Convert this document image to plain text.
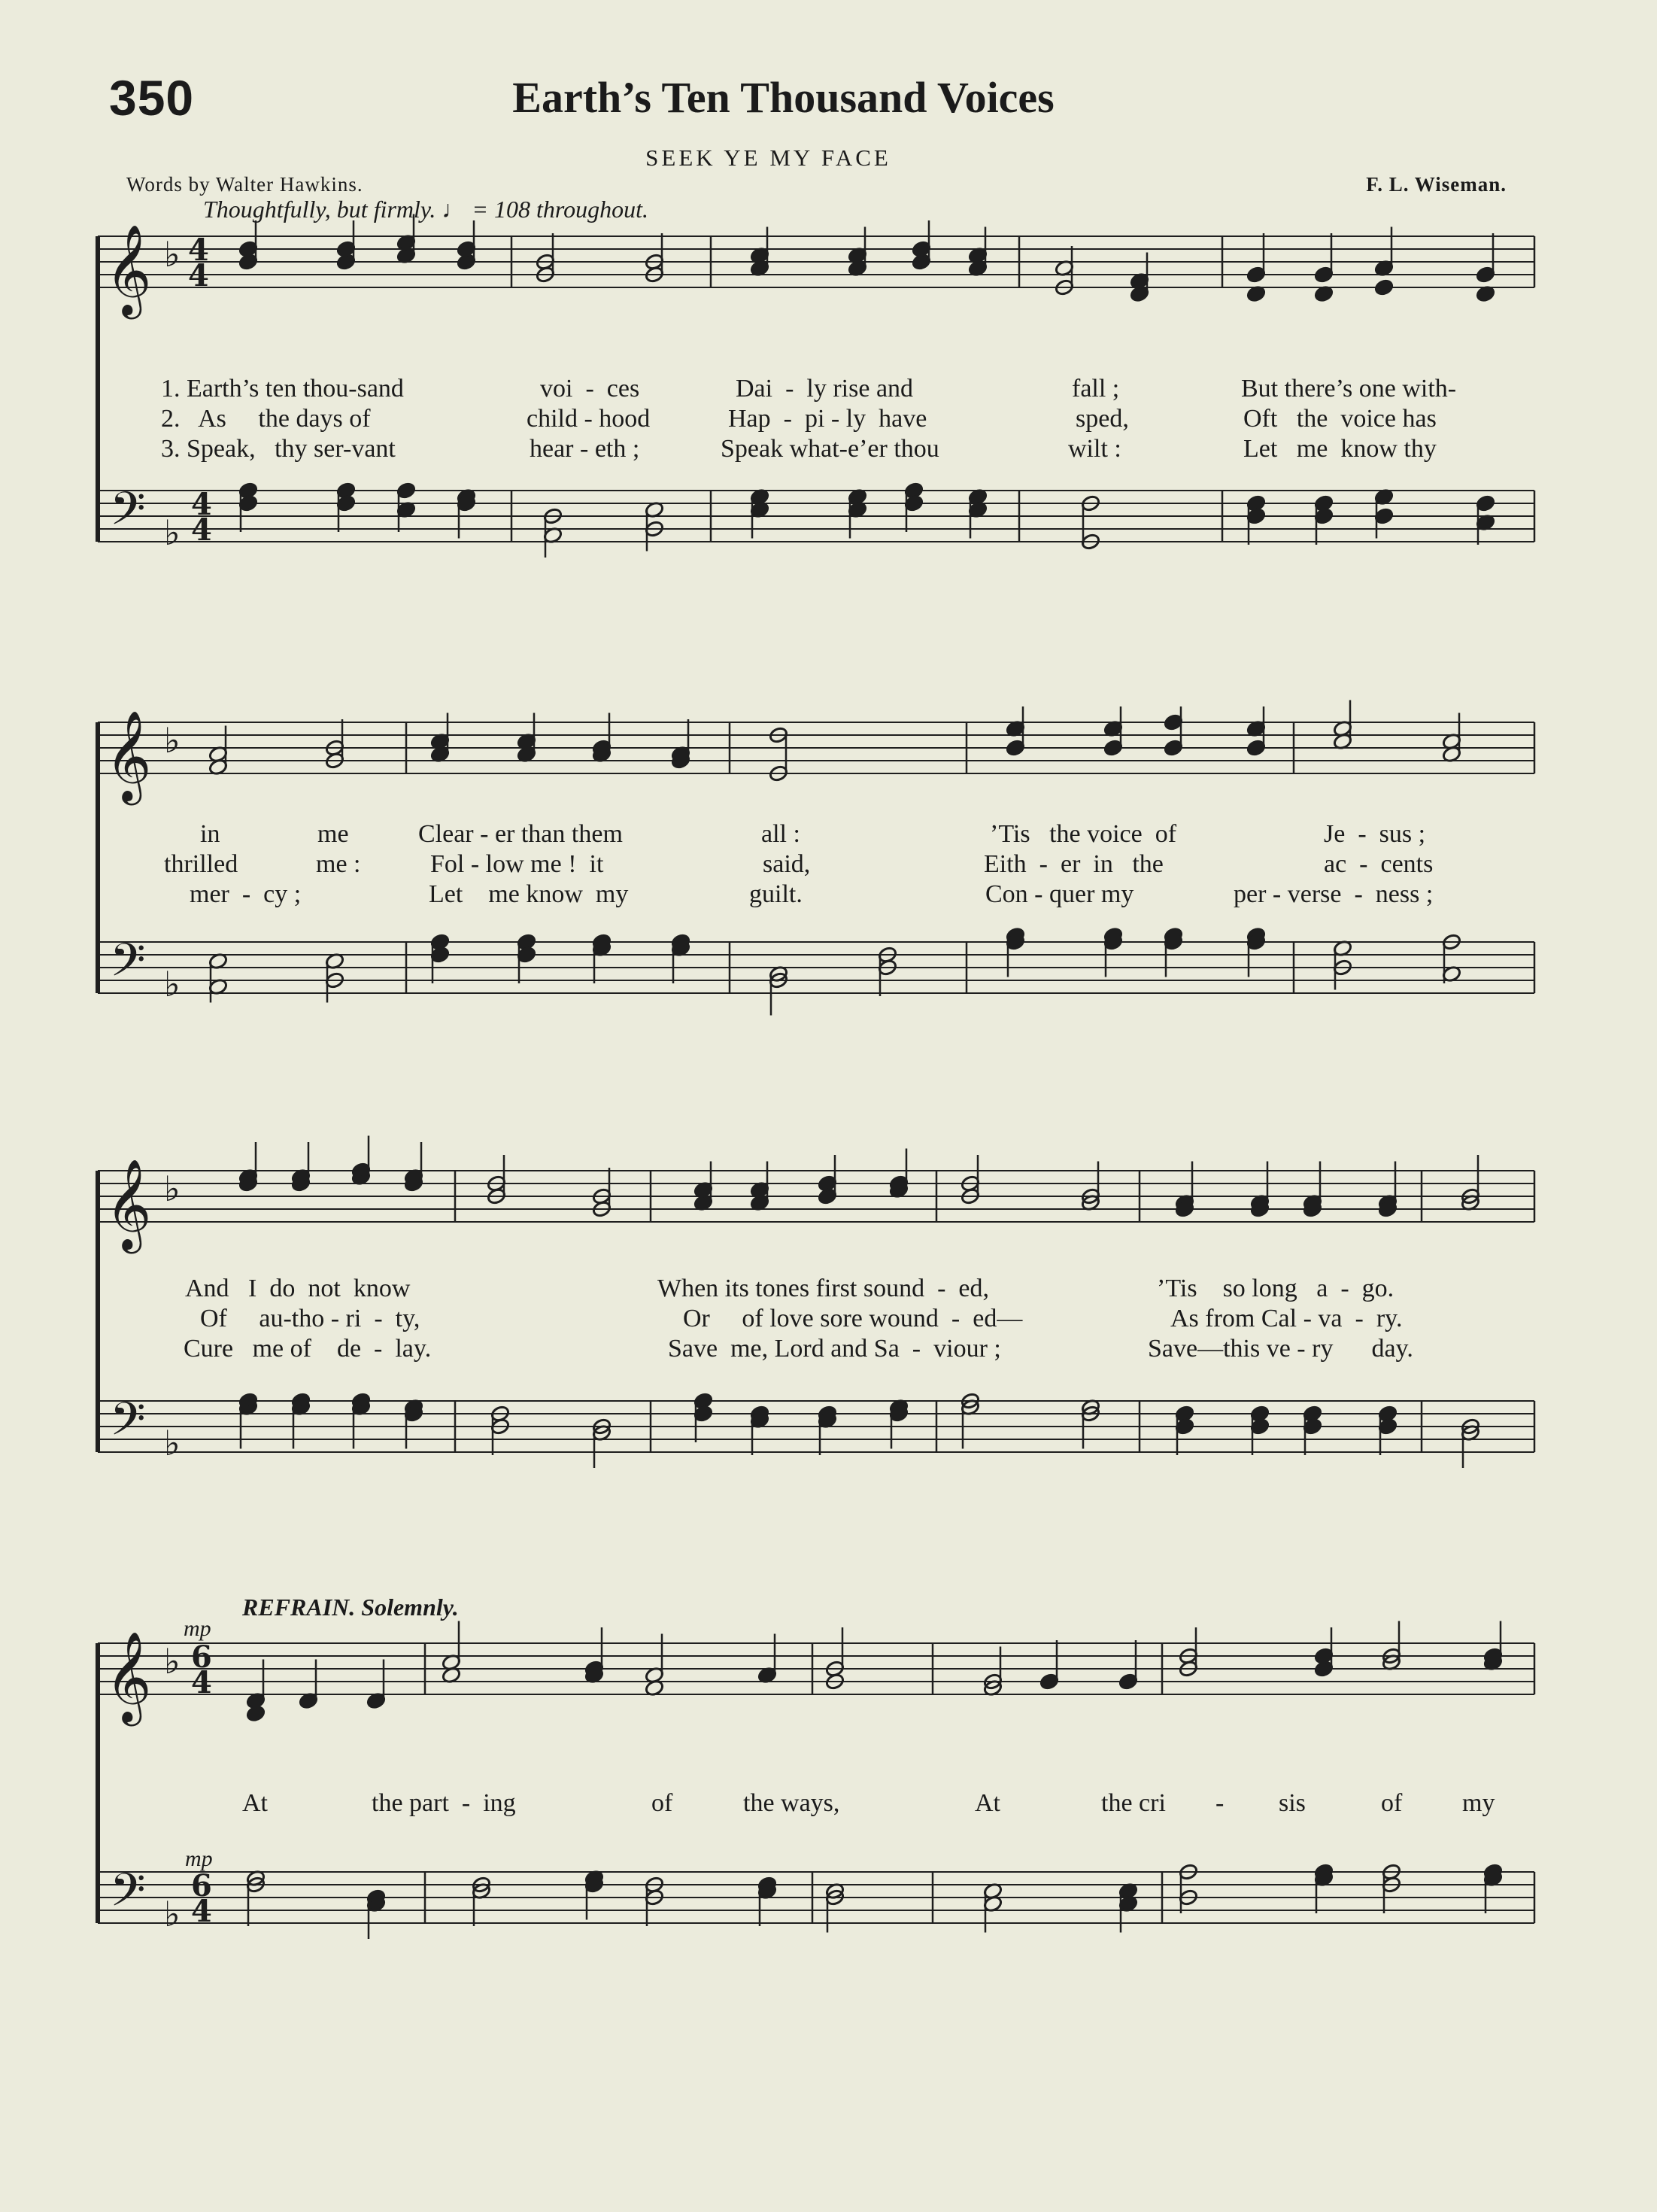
350	Earth’s Ten Thousand Voices
SEEK YE MY FACE
Words by Walter Hawkins.	F. L. Wiseman.
Thoughtfully, but firmly. ♩ = 108 throughout.
𝄞
𝄢
♭
♭
4
4
4
4
𝄞
𝄢
♭
♭
𝄞
𝄢
♭
♭
𝄞
𝄢
♭
♭
6
4
6
4
1. Earth’s ten thou-sand	voi  -  ces	Dai  -  ly rise and	fall ;	But there’s one with-
2.   As     the days of	child - hood	Hap  -  pi - ly  have	sped,	Oft   the  voice has
3. Speak,   thy ser-vant	hear - eth ;	Speak what-e’er thou	wilt :	Let   me  know thy
in	me	Clear - er than them	all :	’Tis   the voice  of	Je  -  sus ;
thrilled	me :	Fol - low me !  it	said,	Eith  -  er  in   the	ac  -  cents
mer  -  cy ;	Let    me know  my	guilt.	Con - quer my	per - verse  -  ness ;
And   I  do  not  know	When its tones first sound  -  ed,	’Tis    so long   a  -  go.
Of     au-tho - ri  -  ty,	Or     of love sore wound  -  ed—	As from Cal - va  -  ry.
Cure   me of    de  -  lay.	Save  me, Lord and Sa  -  viour ;	Save—this ve - ry      day.
REFRAIN. Solemnly.
mp
mp
At	the part  -  ing	of	the ways,	At	the cri - sis	of my
